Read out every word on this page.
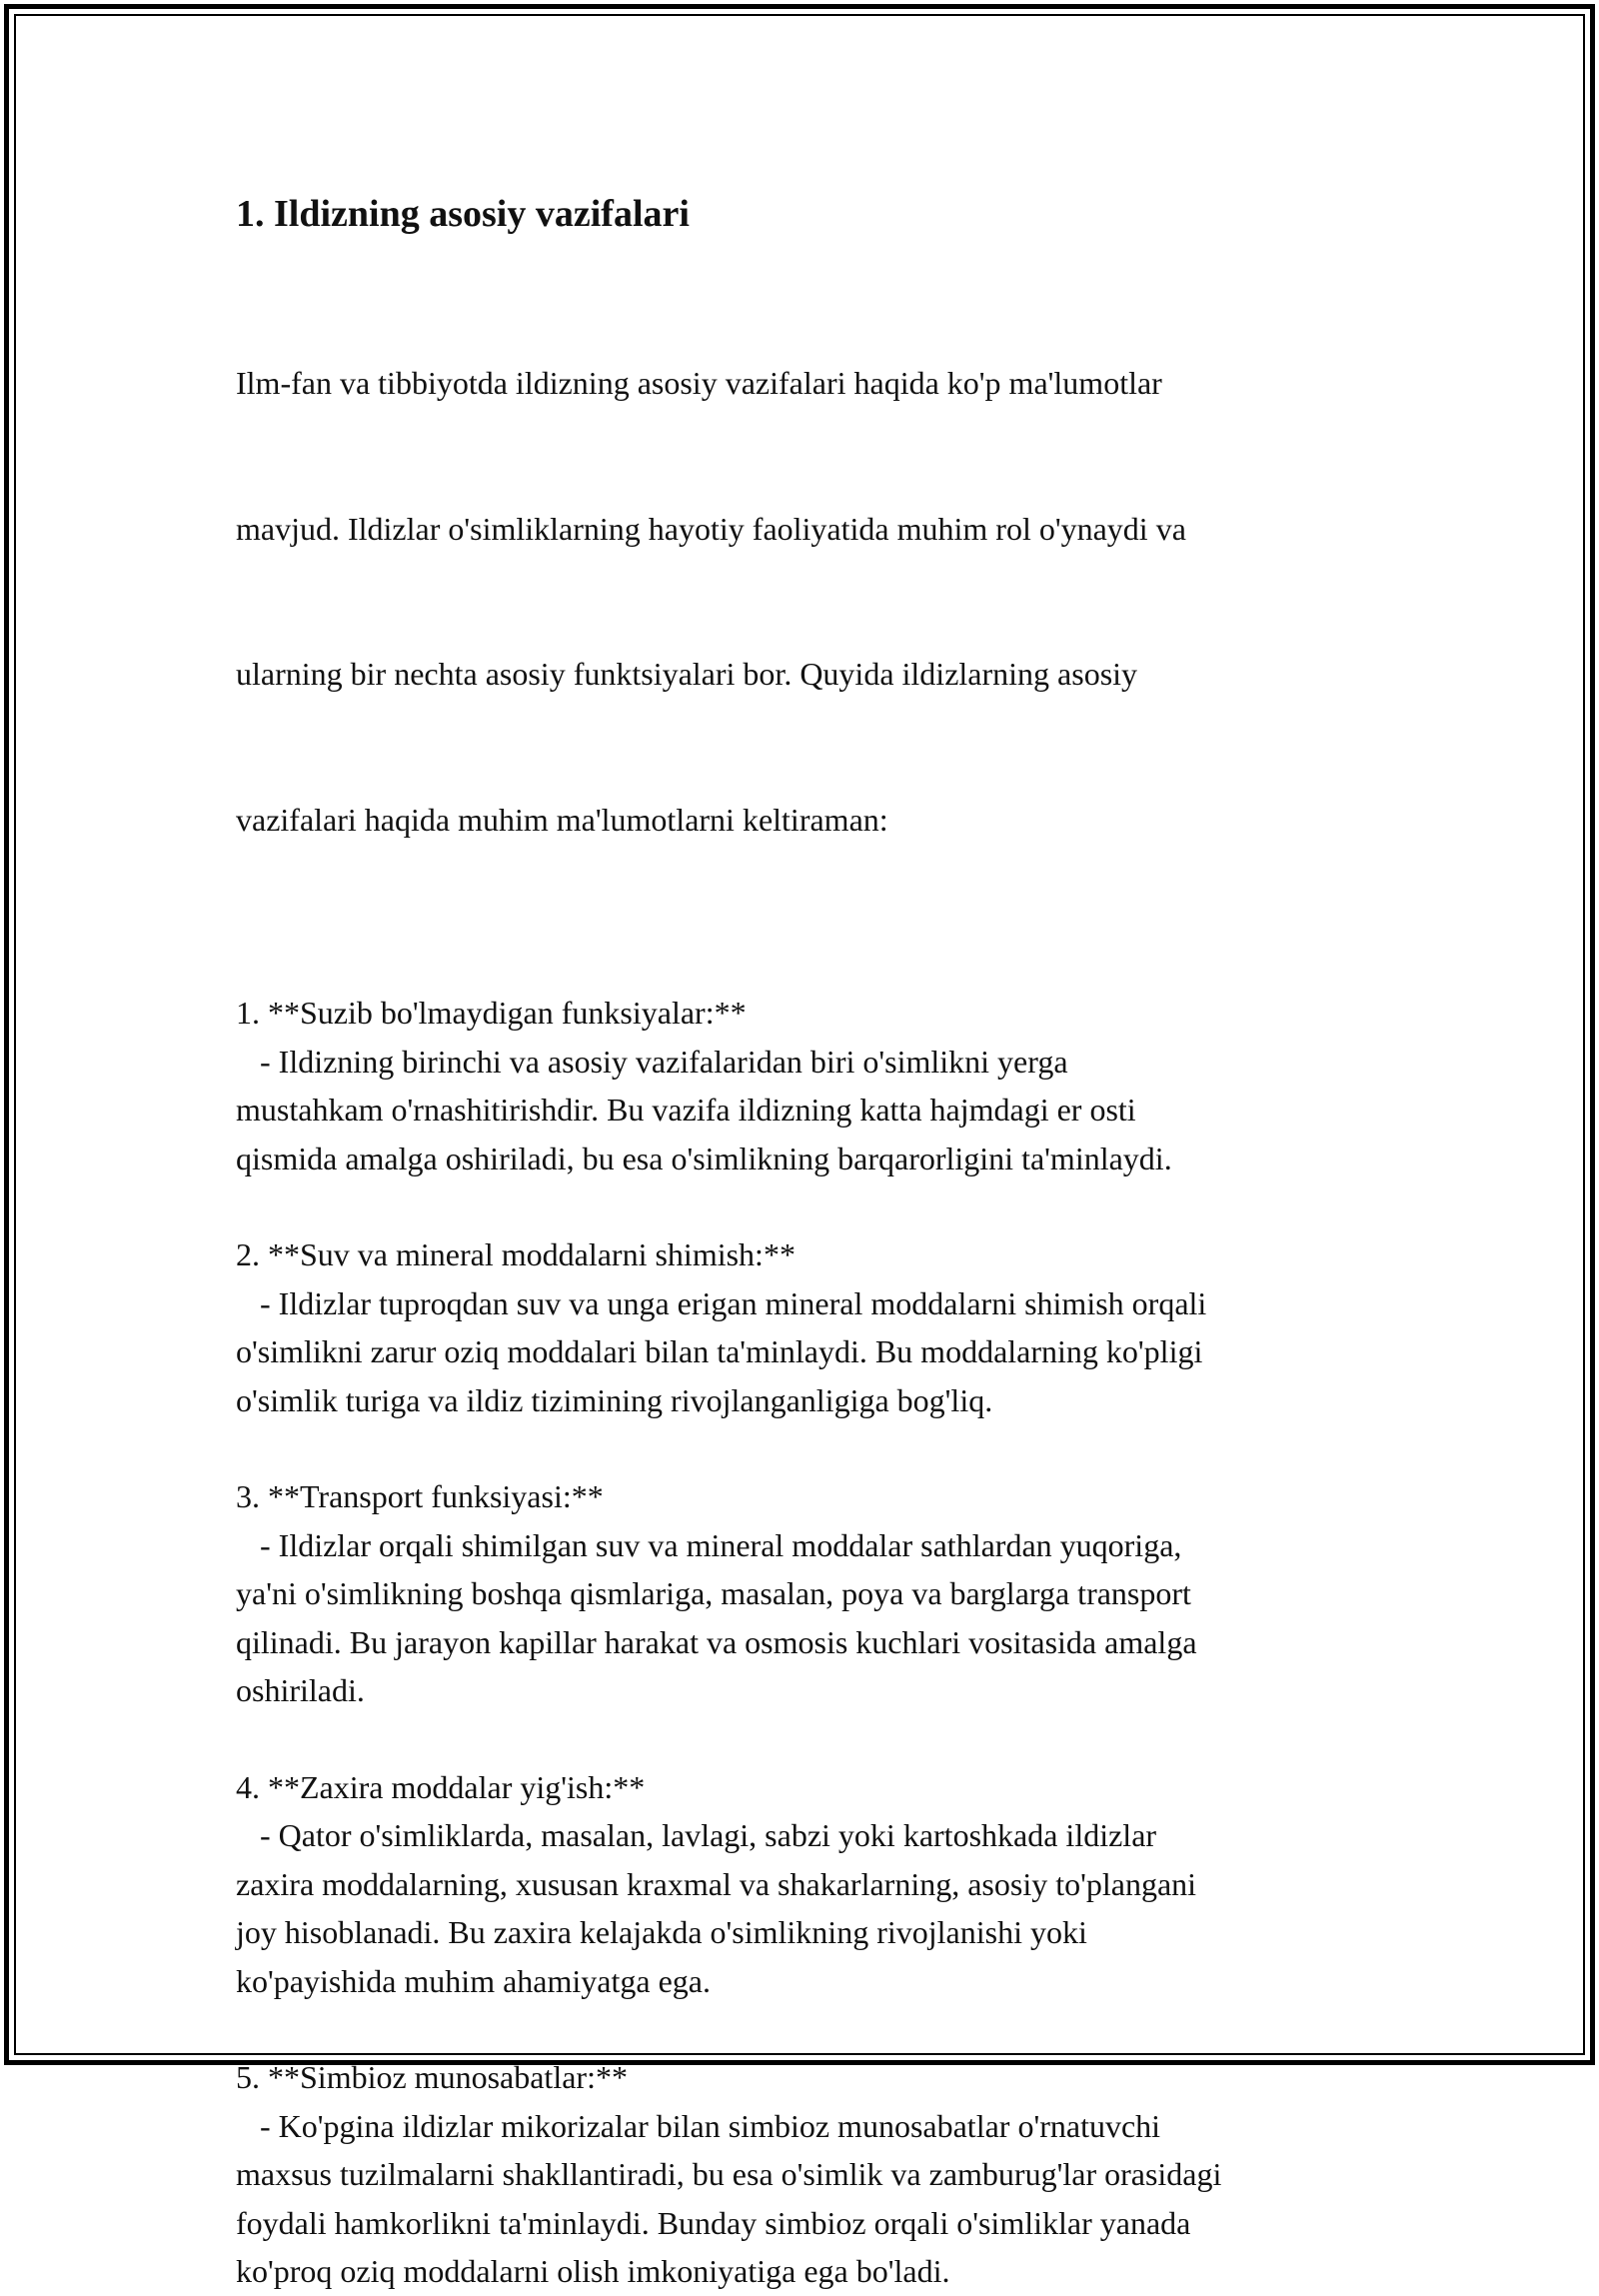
1. Ildizning asosiy vazifalari

Ilm-fan va tibbiyotda ildizning asosiy vazifalari haqida ko'p ma'lumotlar

mavjud. Ildizlar o'simliklarning hayotiy faoliyatida muhim rol o'ynaydi va

ularning bir nechta asosiy funktsiyalari bor. Quyida ildizlarning asosiy

vazifalari haqida muhim ma'lumotlarni keltiraman:

1. **Suzib bo'lmaydigan funksiyalar:**
- Ildizning birinchi va asosiy vazifalaridan biri o'simlikni yerga
mustahkam o'rnashitirishdir. Bu vazifa ildizning katta hajmdagi er osti
qismida amalga oshiriladi, bu esa o'simlikning barqarorligini ta'minlaydi.
2. **Suv va mineral moddalarni shimish:**
- Ildizlar tuproqdan suv va unga erigan mineral moddalarni shimish orqali
o'simlikni zarur oziq moddalari bilan ta'minlaydi. Bu moddalarning ko'pligi
o'simlik turiga va ildiz tizimining rivojlanganligiga bog'liq.
3. **Transport funksiyasi:**
- Ildizlar orqali shimilgan suv va mineral moddalar sathlardan yuqoriga,
ya'ni o'simlikning boshqa qismlariga, masalan, poya va barglarga transport
qilinadi. Bu jarayon kapillar harakat va osmosis kuchlari vositasida amalga
oshiriladi.
4. **Zaxira moddalar yig'ish:**
- Qator o'simliklarda, masalan, lavlagi, sabzi yoki kartoshkada ildizlar
zaxira moddalarning, xususan kraxmal va shakarlarning, asosiy to'plangani
joy hisoblanadi. Bu zaxira kelajakda o'simlikning rivojlanishi yoki
ko'payishida muhim ahamiyatga ega.
5. **Simbioz munosabatlar:**
- Ko'pgina ildizlar mikorizalar bilan simbioz munosabatlar o'rnatuvchi
maxsus tuzilmalarni shakllantiradi, bu esa o'simlik va zamburug'lar orasidagi
foydali hamkorlikni ta'minlaydi. Bunday simbioz orqali o'simliklar yanada
ko'proq oziq moddalarni olish imkoniyatiga ega bo'ladi.
